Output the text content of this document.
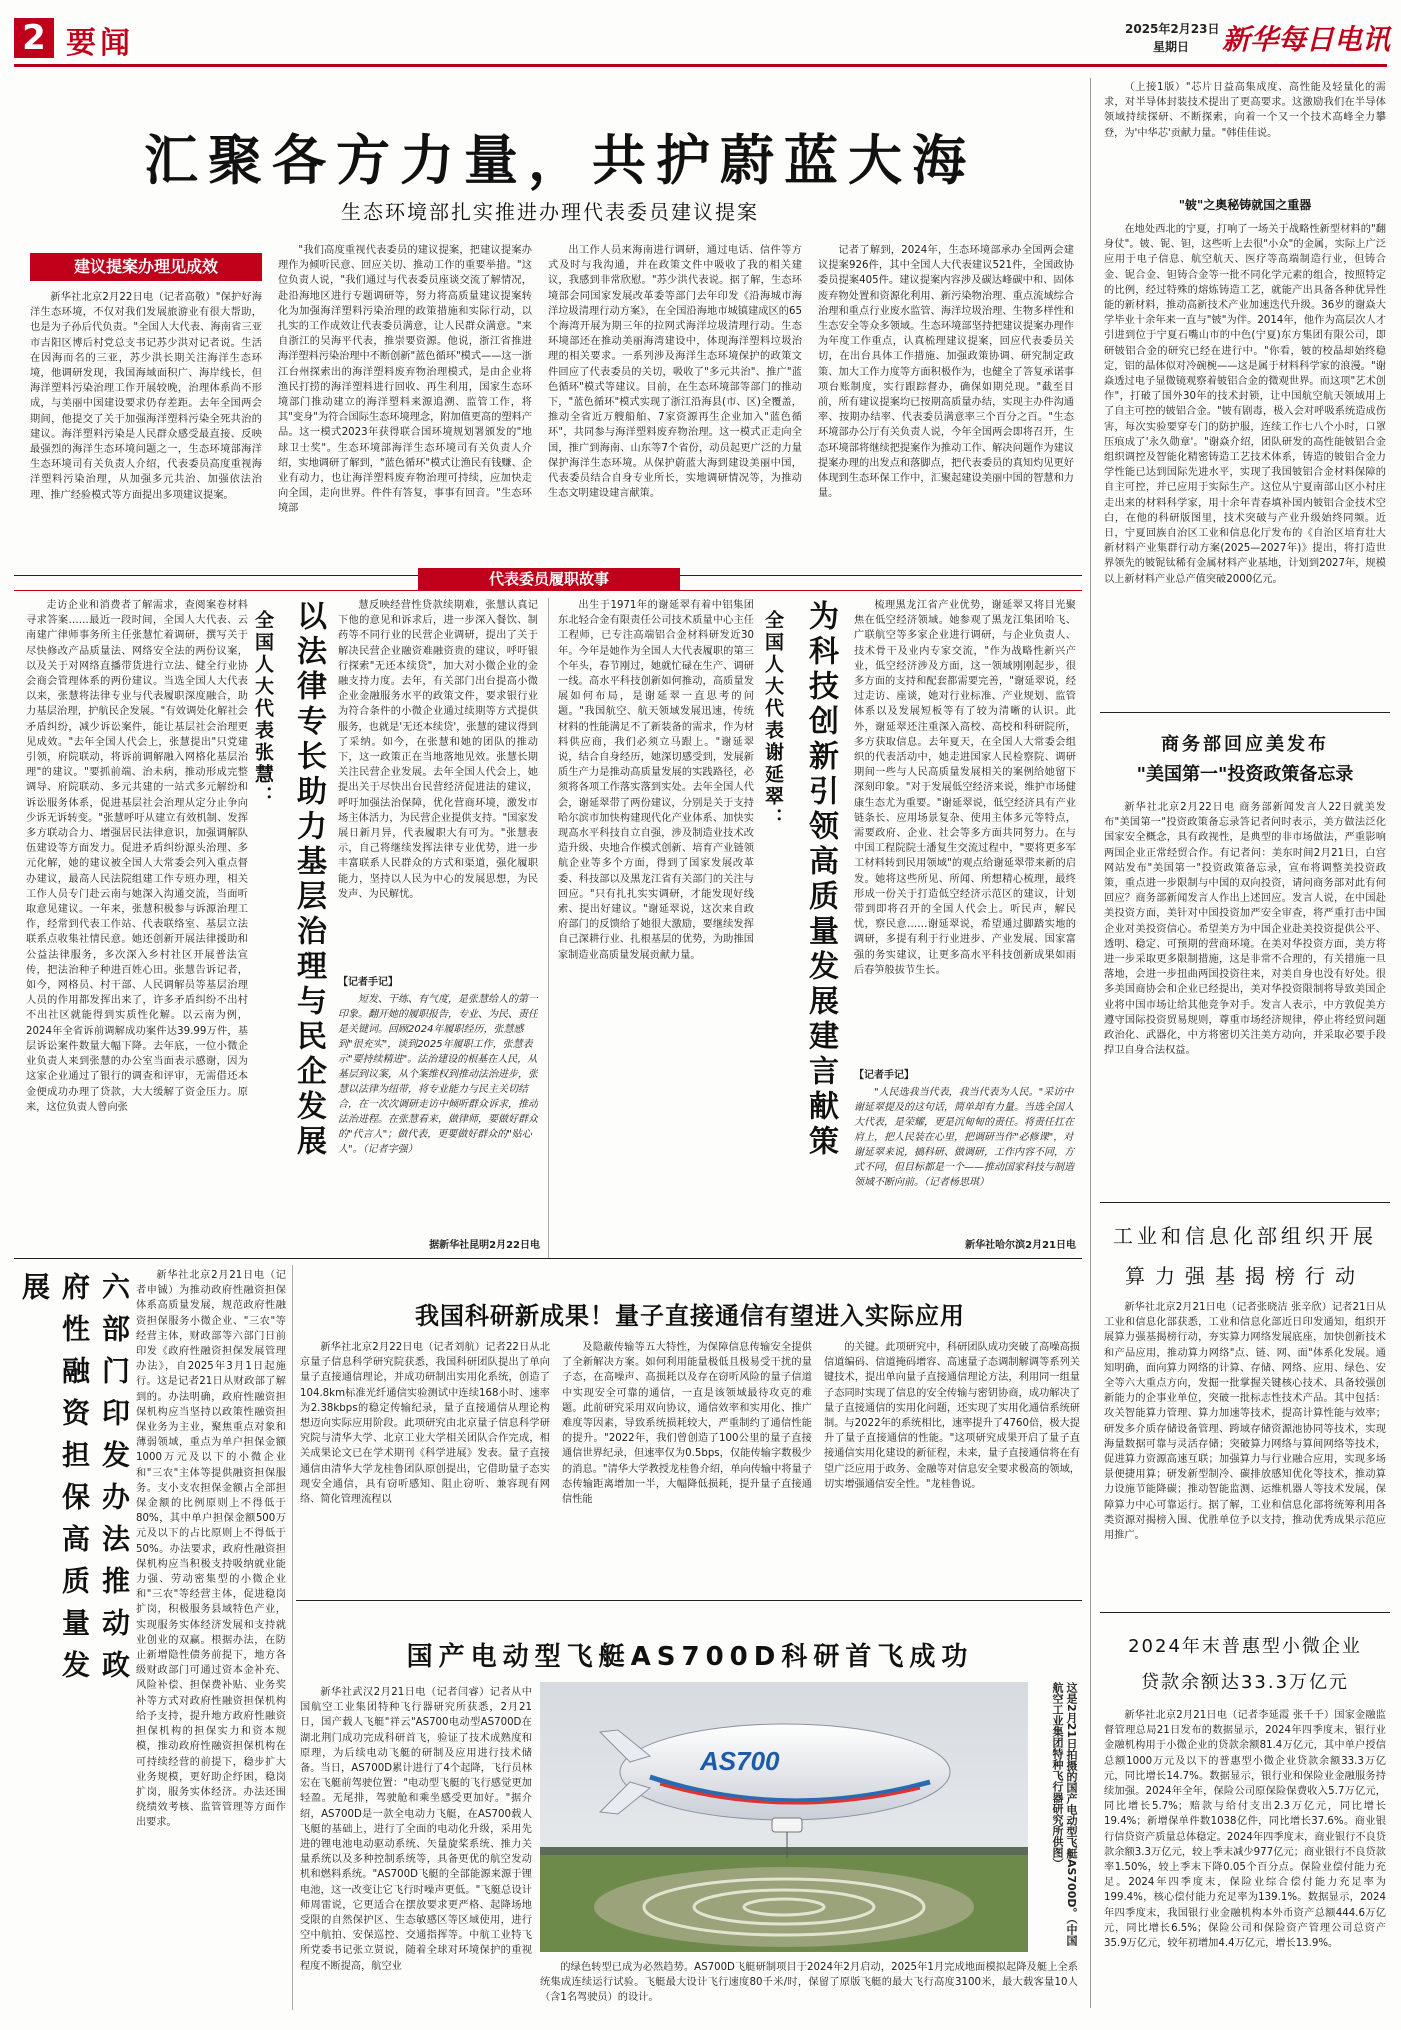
2 要闻	2025年2月23日
星期日 新华每日电讯
汇聚各方力量，共护蔚蓝大海
生态环境部扎实推进办理代表委员建议提案
建议提案办理见成效
新华社北京2月22日电（记者高敬）"保护好海洋生态环境，不仅对我们发展旅游业有很大帮助，也是为子孙后代负责。"全国人大代表、海南省三亚市吉阳区博后村党总支书记苏少洪对记者说。生活在因海而名的三亚，苏少洪长期关注海洋生态环境，他调研发现，我国海域面积广、海岸线长，但海洋塑料污染治理工作开展较晚，治理体系尚不形成，与美丽中国建设要求仍存差距。去年全国两会期间，他提交了关于加强海洋塑料污染全死共治的建议。海洋塑料污染是人民群众感受最直接、反映最强烈的海洋生态环境问题之一，生态环境部海洋生态环境司有关负责人介绍，代表委员高度重视海洋塑料污染治理，从加强多元共治、加强依法治理、推广经验模式等方面提出多项建议提案。
"我们高度重视代表委员的建议提案，把建议提案办理作为倾听民意、回应关切、推动工作的重要举措。"这位负责人说，"我们通过与代表委员座谈交流了解情况，赴沿海地区进行专题调研等，努力将高质量建议提案转化为加强海洋塑料污染治理的政策措施和实际行动，以扎实的工作成效让代表委员满意，让人民群众满意。"来自浙江的吴海平代表，推崇要资源。他说，浙江省推进海洋塑料污染治理中不断创新"蓝色循环"模式——这一浙江台州探索出的海洋塑料废弃物治理模式，是由企业将渔民打捞的海洋塑料进行回收、再生利用，国家生态环境部门推动建立的海洋塑料来源追溯、监管工作，将其"变身"为符合国际生态环境理念，附加值更高的塑料产品。这一模式2023年获得联合国环境规划署颁发的"地球卫士奖"。生态环境部海洋生态环境司有关负责人介绍，实地调研了解到，"蓝色循环"模式让渔民有钱赚、企业有动力，也让海洋塑料废弃物治理可持续，应加快走向全国，走向世界。件件有答复，事事有回音。"生态环境部
出工作人员来海南进行调研，通过电话、信件等方式及时与我沟通，并在政策文件中吸收了我的相关建议，我感到非常欣慰。"苏少洪代表说。据了解，生态环境部会同国家发展改革委等部门去年印发《沿海城市海洋垃圾清理行动方案》，在全国沿海地市城镇建成区的65个海湾开展为期三年的拉网式海洋垃圾清理行动。生态环境部还在推动美丽海湾建设中，体现海洋塑料垃圾治理的相关要求。一系列涉及海洋生态环境保护的政策文件回应了代表委员的关切，吸收了"多元共治"、推广"蓝色循环"模式等建议。目前，在生态环境部等部门的推动下，"蓝色循环"模式实现了浙江沿海县(市、区)全覆盖，推动全省近万艘船舶、7家资源再生企业加入"蓝色循环"，共同参与海洋塑料废弃物治理。这一模式正走向全国，推广到海南、山东等7个省份，动员起更广泛的力量保护海洋生态环境。从保护蔚蓝大海到建设美丽中国，代表委员结合自身专业所长，实地调研情况等，为推动生态文明建设建言献策。
记者了解到，2024年，生态环境部承办全国两会建议提案926件，其中全国人大代表建议521件，全国政协委员提案405件。建议提案内容涉及碳达峰碳中和、固体废弃物处置和资源化利用、新污染物治理、重点流域综合治理和重点行业废水监管、海洋垃圾治理、生物多样性和生态安全等众多领域。生态环境部坚持把建议提案办理作为年度工作重点，认真梳理建议提案，回应代表委员关切，在出台具体工作措施、加强政策协调、研究制定政策、加大工作力度等方面积极作为，也健全了答复承诺事项台账制度，实行跟踪督办，确保如期兑现。"截至目前，所有建议提案均已按期高质量办结，实现主办件沟通率、按期办结率、代表委员满意率三个百分之百。"生态环境部办公厅有关负责人说，今年全国两会即将召开，生态环境部将继续把提案作为推动工作、解决问题作为建议提案办理的出发点和落脚点，把代表委员的真知灼见更好体现到生态环保工作中，汇聚起建设美丽中国的智慧和力量。
（上接1版）"芯片日益高集成度、高性能及轻量化的需求，对半导体封装技术提出了更高要求。这激励我们在半导体领域持续探研、不断探索，向着一个又一个技术高峰全力攀登，为'中华芯'贡献力量。"韩佳佳说。
"铍"之奥秘铸就国之重器
在地处西北的宁夏，打响了一场关于战略性新型材料的"翻身仗"。铍、铌、钽，这些听上去很"小众"的金属，实际上广泛应用于电子信息、航空航天、医疗等高端制造行业，但铸合金、铌合金、钽铸合金等一批不同化学元素的组合，按照特定的比例，经过特殊的熔炼铸造工艺，就能产出具备各种优异性能的新材料，推动高新技术产业加速迭代升级。36岁的谢焱大学毕业十余年来一直与"铍"为伴。2014年，他作为高层次人才引进到位于宁夏石嘴山市的中色(宁夏)东方集团有限公司，即研铍铝合金的研究已经在进行中。"你看，铍的校晶却始终稳定，铝的晶体似对冷碗椀——这是属于材料科学家的浪漫。"谢焱透过电子显微镜观察着铍铝合金的微观世界。而这项"艺术创作"，打破了国外30年的技术封锁，让中国航空航天领域用上了自主可控的铍铝合金。"铍有剧毒，极入会对呼吸系统造成伤害，每次实验要穿专门的防护服，连续工作七八个小时，口罩压痕成了'永久勋章'。"谢焱介绍，团队研发的高性能铍铝合金组织调控及智能化精密铸造工艺技术体系，铸造的铍铝合金力学性能已达到国际先进水平，实现了我国铍铝合金材料保障的自主可控，并已应用于实际生产。这位从宁夏南部山区小村庄走出来的材料科学家，用十余年青春填补国内铍铝合金技术空白，在他的科研版图里，技术突破与产业升级始终同频。近日，宁夏回族自治区工业和信息化厅发布的《自治区培育壮大新材料产业集群行动方案(2025—2027年)》提出，将打造世界领先的铍铌钛稀有金属材料产业基地，计划到2027年，规模以上新材料产业总产值突破2000亿元。
代表委员履职故事
走访企业和消费者了解需求，查阅案卷材料寻求答案……最近一段时间，全国人大代表、云南建广律师事务所主任张慧忙着调研，撰写关于尽快修改产品质量法、网络安全法的两份议案，以及关于对网络直播带货进行立法、健全行业协会商会管理体系的两份建议。当选全国人大代表以来，张慧将法律专业与代表履职深度融合，助力基层治理，护航民企发展。"有效调处化解社会矛盾纠纷，减少诉讼案件，能让基层社会治理更见成效。"去年全国人代会上，张慧提出"只党建引领，府院联动，将诉前调解融入网格化基层治理"的建议。"要抓前端、治未病，推动形成完整调导、府院联动、多元共建的一站式多元解纷和诉讼服务体系，促进基层社会治理从定分止争向少诉无诉转变。"张慧呼吁从建立有效机制、发挥多方联动合力、增强居民法律意识，加强调解队伍建设等方面发力。促进矛盾纠纷源头治理、多元化解，她的建议被全国人大常委会列入重点督办建议，最高人民法院组建工作专班办理，相关工作人员专门赴云南与她深入沟通交流，当面听取意见建议。一年来，张慧积极参与诉源治理工作，经常到代表工作站、代表联络室、基层立法联系点收集社情民意。她还创新开展法律援助和公益法律服务，多次深入乡村社区开展普法宣传，把法治种子种进百姓心田。张慧告诉记者，如今，网格员、村干部、人民调解员等基层治理人员的作用都发挥出来了，许多矛盾纠纷不出村不出社区就能得到实质性化解。以云南为例，2024年全省诉前调解成功案件达39.99万件，基层诉讼案件数量大幅下降。去年底，一位小微企业负责人来到张慧的办公室当面表示感谢，因为这家企业通过了银行的调查和评审，无需借还本金便成功办理了贷款，大大缓解了资金压力。原来，这位负责人曾向张
全国人大代表张慧： 以法律专长助力基层治理与民企发展	慧反映经营性贷款续期难，张慧认真记下他的意见和诉求后，进一步深入餐饮、制药等不同行业的民营企业调研，提出了关于解决民营企业融资难融资贵的建议，呼吁银行探索"无还本续贷"，加大对小微企业的金融支持力度。去年，有关部门出台提高小微企业金融服务水平的政策文件，要求银行业为符合条件的小微企业通过续期等方式提供服务，也就是'无还本续贷'，张慧的建议得到了采纳。如今，在张慧和她的团队的推动下，这一政策正在当地落地见效。张慧长期关注民营企业发展。去年全国人代会上，她提出关于尽快出台民营经济促进法的建议，呼吁加强法治保障，优化营商环境，激发市场主体活力，为民营企业提供支持。"国家发展日新月异，代表履职大有可为。"张慧表示，自己将继续发挥法律专业优势，进一步丰富联系人民群众的方式和渠道，强化履职能力，坚持以人民为中心的发展思想，为民发声、为民解忧。
【记者手记】
短发、干练、有气度，是张慧给人的第一印象。翻开她的履职报告，专业、为民、责任是关键词。回顾2024年履职经历，张慧感到"很充实"，谈到2025年履职工作，张慧表示"要持续精进"。法治建设的根基在人民，从基层到议案，从个案维权到推动法治进步，张慧以法律为纽带，将专业能力与民主关切结合，在一次次调研走访中倾听群众诉求，推动法治进程。在张慧看来，做律师，要做好群众的"代言人"；做代表，更要做好群众的"贴心人"。（记者字强）
据新华社昆明2月22日电
出生于1971年的谢延翠有着中铝集团东北轻合金有限责任公司技术质量中心主任工程师，已专注高端铝合金材料研发近30年。今年是她作为全国人大代表履职的第三个年头，春节刚过，她就忙碌在生产、调研一线。高水平科技创新如何推动，高质量发展如何布局，是谢延翠一直思考的问题。"我国航空、航天领域发展迅速，传统材料的性能满足不了新装备的需求，作为材料供应商，我们必须立马跟上。"谢延翠说，结合自身经历，她深切感受到，发展新质生产力是推动高质量发展的实践路径，必须将各项工作落实落到实处。去年全国人代会，谢延翠带了两份建议，分别是关于支持哈尔滨市加快构建现代化产业体系、加快实现高水平科技自立自强，涉及制造业技术改造升级、央地合作模式创新、培育产业链领航企业等多个方面，得到了国家发展改革委、科技部以及黑龙江省有关部门的关注与回应。"只有扎扎实实调研，才能发现好线索、提出好建议。"谢延翠说，这次来自政府部门的反馈给了她很大激励，要继续发挥自己深耕行业、扎根基层的优势，为助推国家制造业高质量发展贡献力量。
全国人大代表谢延翠： 为科技创新引领高质量发展建言献策	梳理黑龙江省产业优势，谢延翠又将目光聚焦在低空经济领域。她参观了黑龙江集团哈飞、广联航空等多家企业进行调研，与企业负责人、技术骨干及业内专家交流，"作为战略性新兴产业，低空经济涉及方面，这一领域刚刚起步，很多方面的支持和配套都需要完善，"谢延翠说，经过走访、座谈，她对行业标准、产业规划、监管体系以及发展短板等有了较为清晰的认识。此外，谢延翠还注重深入高校、高校和科研院所，多方获取信息。去年夏天，在全国人大常委会组织的代表活动中，她走进国家人民检察院、调研期间一些与人民高质量发展相关的案例给她留下深刻印象。"对于发展低空经济来说，维护市场健康生态尤为重要。"谢延翠说，低空经济具有产业链条长、应用场景复杂、使用主体多元等特点，需要政府、企业、社会等多方面共同努力。在与中国工程院院士潘复生交流过程中，"要将更多军工材料转到民用领域"的观点给谢延翠带来新的启发。她将这些所见、所闻、所想精心梳理，最终形成一份关于打造低空经济示范区的建议，计划带到即将召开的全国人代会上。听民声，解民忧，察民意……谢延翠说，希望通过脚踏实地的调研，多提有利于行业进步、产业发展、国家富强的务实建议，让更多高水平科技创新成果如雨后春笋般拔节生长。
【记者手记】
"人民选我当代表，我当代表为人民。"采访中谢延翠提及的这句话，简单却有力量。当选全国人大代表，是荣耀，更是沉甸甸的责任。将责任扛在肩上，把人民装在心里，把调研当作"必修课"，对谢延翠来说，搞科研、做调研，工作内容不同，方式不同，但目标都是一个——推动国家科技与制造领域不断向前。（记者杨思琪）
新华社哈尔滨2月21日电
商务部回应美发布
"美国第一"投资政策备忘录
新华社北京2月22日电 商务部新闻发言人22日就美发布"美国第一"投资政策备忘录答记者问时表示，美方做法泛化国家安全概念，具有政视性，是典型的非市场做法，严重影响两国企业正常经贸合作。有记者问：美东时间2月21日，白宫网站发布"美国第一"投资政策备忘录，宣布将调整美投资政策，重点进一步限制与中国的双向投资，请问商务部对此有何回应？商务部新闻发言人作出上述回应。发言人说，在中国赴美投资方面，美针对中国投资加严安全审查，将严重打击中国企业对美投资信心。希望美方为中国企业赴美投资提供公平、透明、稳定、可预期的营商环境。在美对华投资方面，美方将进一步采取更多限制措施，这是非常不合理的，有关措施一旦落地，会进一步扭曲两国投资往来，对美自身也没有好处。很多美国商协会和企业已经提出，美对华投资限制将导致美国企业将中国市场让给其他竞争对手。发言人表示，中方敦促美方遵守国际投资贸易规则，尊重市场经济规律，停止将经贸问题政治化、武器化，中方将密切关注美方动向，并采取必要手段捍卫自身合法权益。
工业和信息化部组织开展
算力强基揭榜行动
新华社北京2月21日电（记者张晓洁 张辛欣）记者21日从工业和信息化部获悉，工业和信息化部近日印发通知，组织开展算力强基揭榜行动，夯实算力网络发展底座，加快创新技术和产品应用，推动算力网络"点、链、网、面"体系化发展。通知明确，面向算力网络的计算、存储、网络、应用、绿色、安全等六大重点方向，发掘一批掌握关键核心技术、具备较强创新能力的企事业单位，突破一批标志性技术产品。其中包括：攻关智能算力管理、算力加速等技术，提高计算性能与效率；研发多介质存储设备管理、跨域存储资源池协同等技术，实现海量数据可靠与灵活存储；突破算力网络与算间网络等技术，促进算力资源高速互联；加强算力与行业融合应用，实现多场景便捷用算；研发新型制冷、碳排放感知优化等技术，推动算力设施节能降碳；推动智能监测、运维机器人等技术发展，保障算力中心可靠运行。据了解，工业和信息化部将统筹利用各类资源对揭榜入围、优胜单位予以支持，推动优秀成果示范应用推广。
2024年末普惠型小微企业
贷款余额达33.3万亿元
新华社北京2月21日电（记者李延霞 张千千）国家金融监督管理总局21日发布的数据显示，2024年四季度末，银行业金融机构用于小微企业的贷款余额81.4万亿元，其中单户授信总额1000万元及以下的普惠型小微企业贷款余额33.3万亿元，同比增长14.7%。数据显示，银行业和保险业金融服务持续加强。2024年全年，保险公司原保险保费收入5.7万亿元，同比增长5.7%；赔款与给付支出2.3万亿元，同比增长19.4%；新增保单件数1038亿件，同比增长37.6%。商业银行信贷资产质量总体稳定。2024年四季度末，商业银行不良贷款余额3.3万亿元，较上季末减少977亿元；商业银行不良贷款率1.50%，较上季末下降0.05个百分点。保险业偿付能力充足。2024年四季度末，保险业综合偿付能力充足率为199.4%，核心偿付能力充足率为139.1%。数据显示，2024年四季度末，我国银行业金融机构本外币资产总额444.6万亿元，同比增长6.5%；保险公司和保险资产管理公司总资产35.9万亿元，较年初增加4.4万亿元，增长13.9%。
六部门印发办法推动政府性融资担保高质量发展	新华社北京2月21日电（记者申铖）为推动政府性融资担保体系高质量发展，规范政府性融资担保服务小微企业、"三农"等经营主体，财政部等六部门日前印发《政府性融资担保发展管理办法》，自2025年3月1日起施行。这是记者21日从财政部了解到的。办法明确，政府性融资担保机构应当坚持以政策性融资担保业务为主业，聚焦重点对象和薄弱领域，重点为单户担保金额1000万元及以下的小微企业和"三农"主体等提供融资担保服务。支小支农担保金额占全部担保金额的比例原则上不得低于80%，其中单户担保金额500万元及以下的占比原则上不得低于50%。办法要求，政府性融资担保机构应当积极支持吸纳就业能力强、劳动密集型的小微企业和"三农"等经营主体，促进稳岗扩岗，积极服务县域特色产业，实现服务实体经济发展和支持就业创业的双赢。根据办法，在防止新增隐性债务前提下，地方各级财政部门可通过资本金补充、风险补偿、担保费补贴、业务奖补等方式对政府性融资担保机构给予支持，提升地方政府性融资担保机构的担保实力和资本规模，推动政府性融资担保机构在可持续经营的前提下，稳步扩大业务规模，更好助企纾困，稳岗扩岗，服务实体经济。办法还围绕绩效考核、监管管理等方面作出要求。
我国科研新成果！量子直接通信有望进入实际应用
新华社北京2月22日电（记者刘航）记者22日从北京量子信息科学研究院获悉，我国科研团队提出了单向量子直接通信理论，并成功研制出实用化系统，创造了104.8km标准光纤通信实验测试中连续168小时、速率为2.38kbps的稳定传输纪录，量子直接通信从理论构想迈向实际应用阶段。此项研究由北京量子信息科学研究院与清华大学、北京工业大学相关团队合作完成，相关成果论文已在学术期刊《科学进展》发表。量子直接通信由清华大学龙桂鲁团队原创提出，它借助量子态实现安全通信，具有窃听感知、阻止窃听、兼容现有网络、简化管理流程以
及隐蔽传输等五大特性，为保障信息传输安全提供了全新解决方案。如何利用能量极低且极易受干扰的量子态，在高噪声、高损耗以及存在窃听风险的量子信道中实现安全可靠的通信，一直是该领域最待攻克的难题。此前研究采用双向协议，通信效率和实用化、推广难度等因素，导致系统损耗较大，严重制约了通信性能的提升。"2022年，我们曾创造了100公里的量子直接通信世界纪录，但速率仅为0.5bps，仅能传输字数极少的消息。"清华大学教授龙桂鲁介绍，单向传输中将量子态传输距离增加一半，大幅降低损耗，提升量子直接通信性能
的关键。此项研究中，科研团队成功突破了高噪高损信道编码、信道掩码增容、高速量子态调制解调等系列关键技术，提出单向量子直接通信理论方法，利用同一组量子态同时实现了信息的安全传输与密钥协商，成功解决了量子直接通信的实用化问题，还实现了实用化通信系统研制。与2022年的系统相比，速率提升了4760倍，极大提升了量子直接通信的性能。"这项研究成果开启了量子直接通信实用化建设的新征程，未来，量子直接通信将在有望广泛应用于政务、金融等对信息安全要求极高的领域，切实增强通信安全性。"龙桂鲁说。
国产电动型飞艇AS700D科研首飞成功
新华社武汉2月21日电（记者闫睿）记者从中国航空工业集团特种飞行器研究所获悉，2月21日，国产载人飞艇"祥云"AS700电动型AS700D在湖北荆门成功完成科研首飞，验证了技术成熟度和原理，为后续电动飞艇的研制及应用进行技术储备。当日，AS700D累计进行了4个起降，飞行员林宏在飞艇前驾驶位置："电动型飞艇的飞行感觉更加轻盈。无尾排，驾驶舱和乘坐感受更加好。"据介绍，AS700D是一款全电动力飞艇，在AS700载人飞艇的基础上，进行了全面的电动化升级，采用先进的锂电池电动驱动系统、矢量旋桨系统、推力关量系统以及多种控制系统等，具备更优的航空发动机和燃料系统。"AS700D飞艇的全部能源来源于锂电池，这一改变让它飞行时噪声更低。"飞艇总设计师周雷说，它更适合在摆放要求更严格、起降场地受限的自然保护区、生态敏感区等区域使用，进行空中航拍、安保巡控、交通指挥等。中航工业特飞所党委书记张立贤说，随着全球对环境保护的重视程度不断提高，航空业
AS700	这是2月21日拍摄的国产电动型飞艇AS700D。（中国航空工业集团特种飞行器研究所供图）
的绿色转型已成为必然趋势。AS700D飞艇研制项目于2024年2月启动，2025年1月完成地面模拟起降及艇上全系统集成连续运行试验。飞艇最大设计飞行速度80千米/时，保留了原版飞艇的最大飞行高度3100米，最大载客量10人（含1名驾驶员）的设计。
